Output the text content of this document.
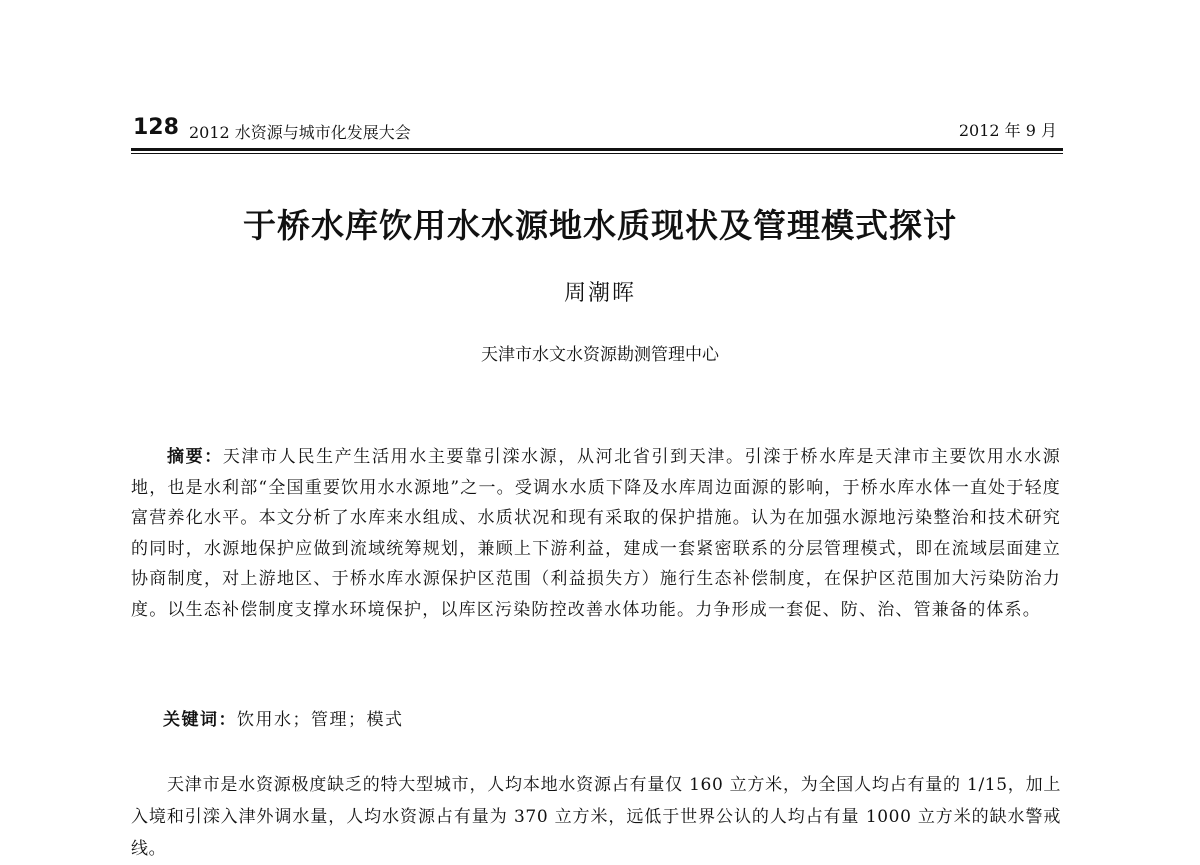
128 2012 水资源与城市化发展大会	2012 年 9 月
于桥水库饮用水水源地水质现状及管理模式探讨
周潮晖
天津市水文水资源勘测管理中心
摘要：天津市人民生产生活用水主要靠引滦水源，从河北省引到天津。引滦于桥水库是天津市主要饮用水水源地，也是水利部“全国重要饮用水水源地”之一。受调水水质下降及水库周边面源的影响，于桥水库水体一直处于轻度富营养化水平。本文分析了水库来水组成、水质状况和现有采取的保护措施。认为在加强水源地污染整治和技术研究的同时，水源地保护应做到流域统筹规划，兼顾上下游利益，建成一套紧密联系的分层管理模式，即在流域层面建立协商制度，对上游地区、于桥水库水源保护区范围（利益损失方）施行生态补偿制度，在保护区范围加大污染防治力度。以生态补偿制度支撑水环境保护，以库区污染防控改善水体功能。力争形成一套促、防、治、管兼备的体系。
关键词：饮用水；管理；模式
天津市是水资源极度缺乏的特大型城市，人均本地水资源占有量仅 160 立方米，为全国人均占有量的 1/15，加上入境和引滦入津外调水量，人均水资源占有量为 370 立方米，远低于世界公认的人均占有量 1000 立方米的缺水警戒线。
